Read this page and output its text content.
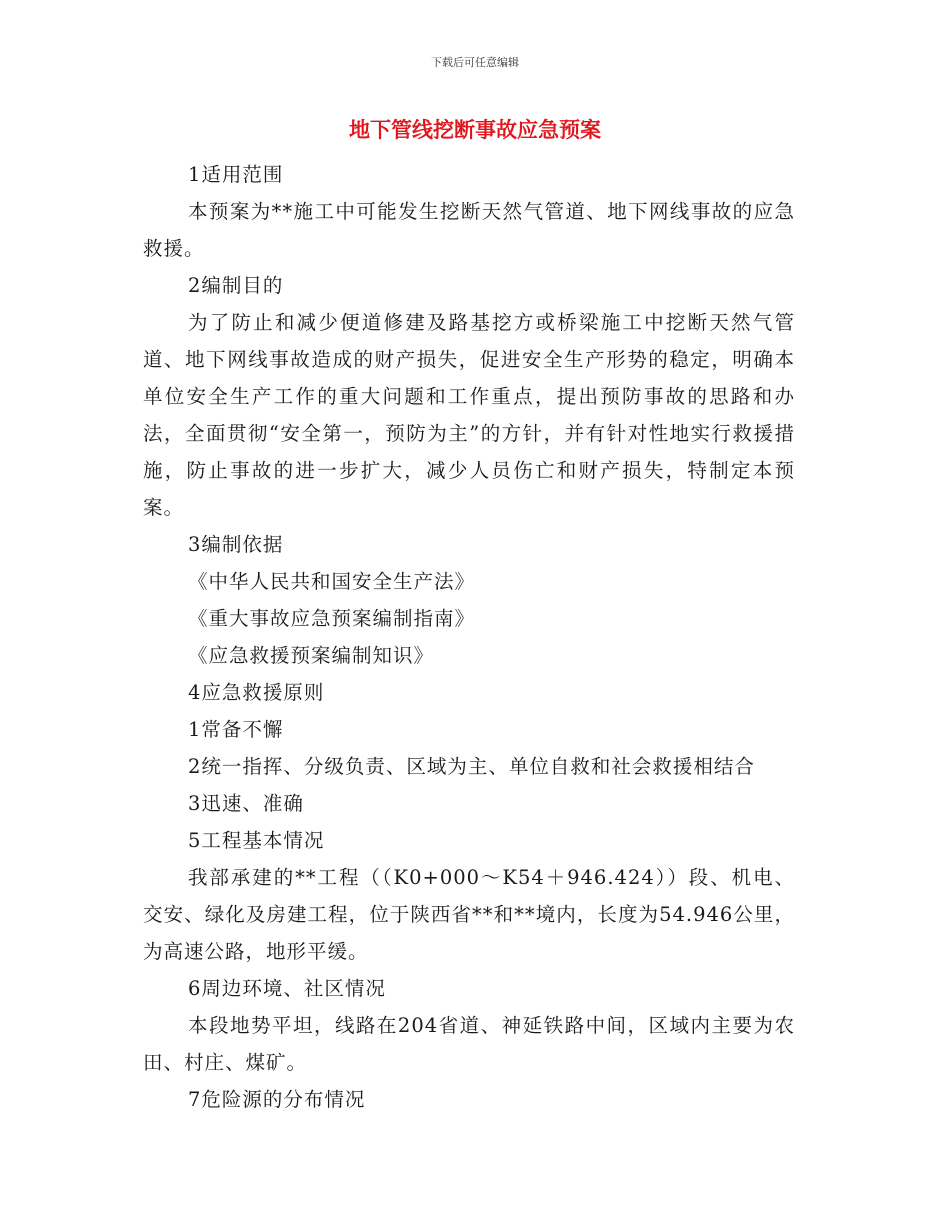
下载后可任意编辑
地下管线挖断事故应急预案

1适用范围

本预案为**施工中可能发生挖断天然气管道、地下网线事故的应急救援。

2编制目的

为了防止和减少便道修建及路基挖方或桥梁施工中挖断天然气管道、地下网线事故造成的财产损失，促进安全生产形势的稳定，明确本单位安全生产工作的重大问题和工作重点，提出预防事故的思路和办法，全面贯彻“安全第一，预防为主”的方针，并有针对性地实行救援措施，防止事故的进一步扩大，减少人员伤亡和财产损失，特制定本预案。

3编制依据

《中华人民共和国安全生产法》

《重大事故应急预案编制指南》

《应急救援预案编制知识》

4应急救援原则

1常备不懈

2统一指挥、分级负责、区域为主、单位自救和社会救援相结合

3迅速、准确

5工程基本情况

我部承建的**工程（（K0+000～K54＋946.424））段、机电、交安、绿化及房建工程，位于陕西省**和**境内，长度为54.946公里，为高速公路，地形平缓。

6周边环境、社区情况

本段地势平坦，线路在204省道、神延铁路中间，区域内主要为农田、村庄、煤矿。

7危险源的分布情况
